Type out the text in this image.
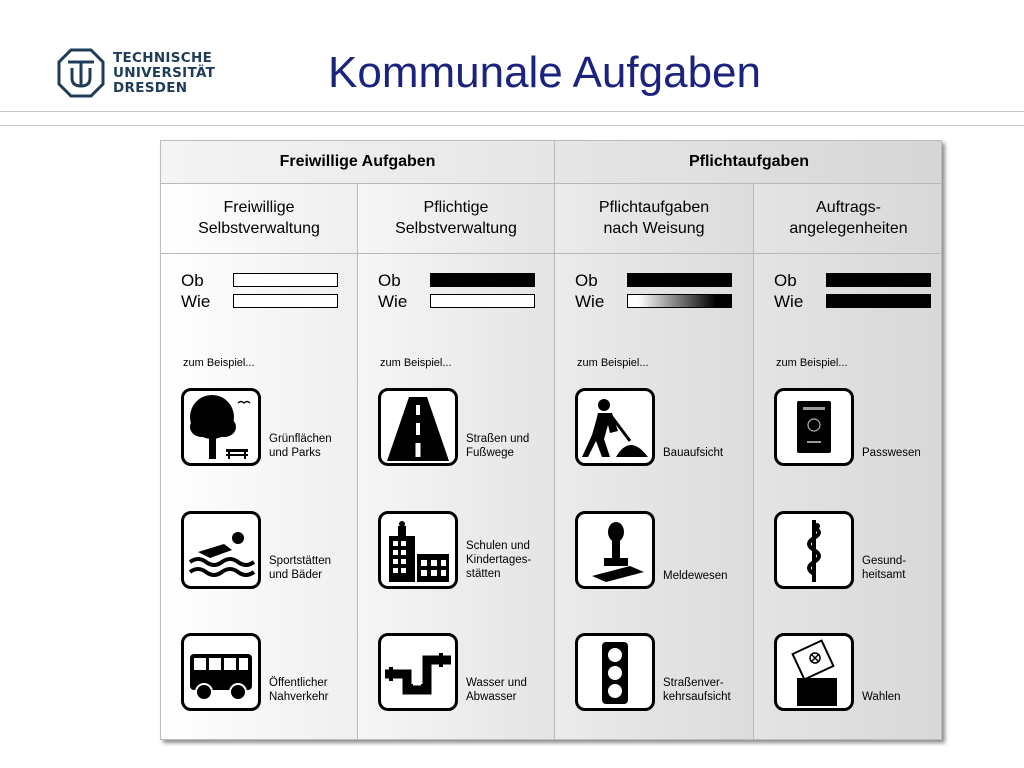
TECHNISCHE
UNIVERSITÄT
DRESDEN	Kommunale Aufgaben
Freiwillige
Selbstverwaltung
Ob
Wie
zum Beispiel...
Grünflächen
und Parks
Sportstätten
und Bäder
Öffentlicher
Nahverkehr
Pflichtige
Selbstverwaltung
Ob
Wie
zum Beispiel...
Straßen und
Fußwege
Schulen und
Kindertages-
stätten
Wasser und
Abwasser
Pflichtaufgaben
nach Weisung
Ob
Wie
zum Beispiel...
Bauaufsicht
Meldewesen
Straßenver-
kehrsaufsicht
Auftrags-
angelegenheiten
Ob
Wie
zum Beispiel...
Passwesen
Gesund-
heitsamt
Wahlen
Freiwillige Aufgaben	Pflichtaufgaben
